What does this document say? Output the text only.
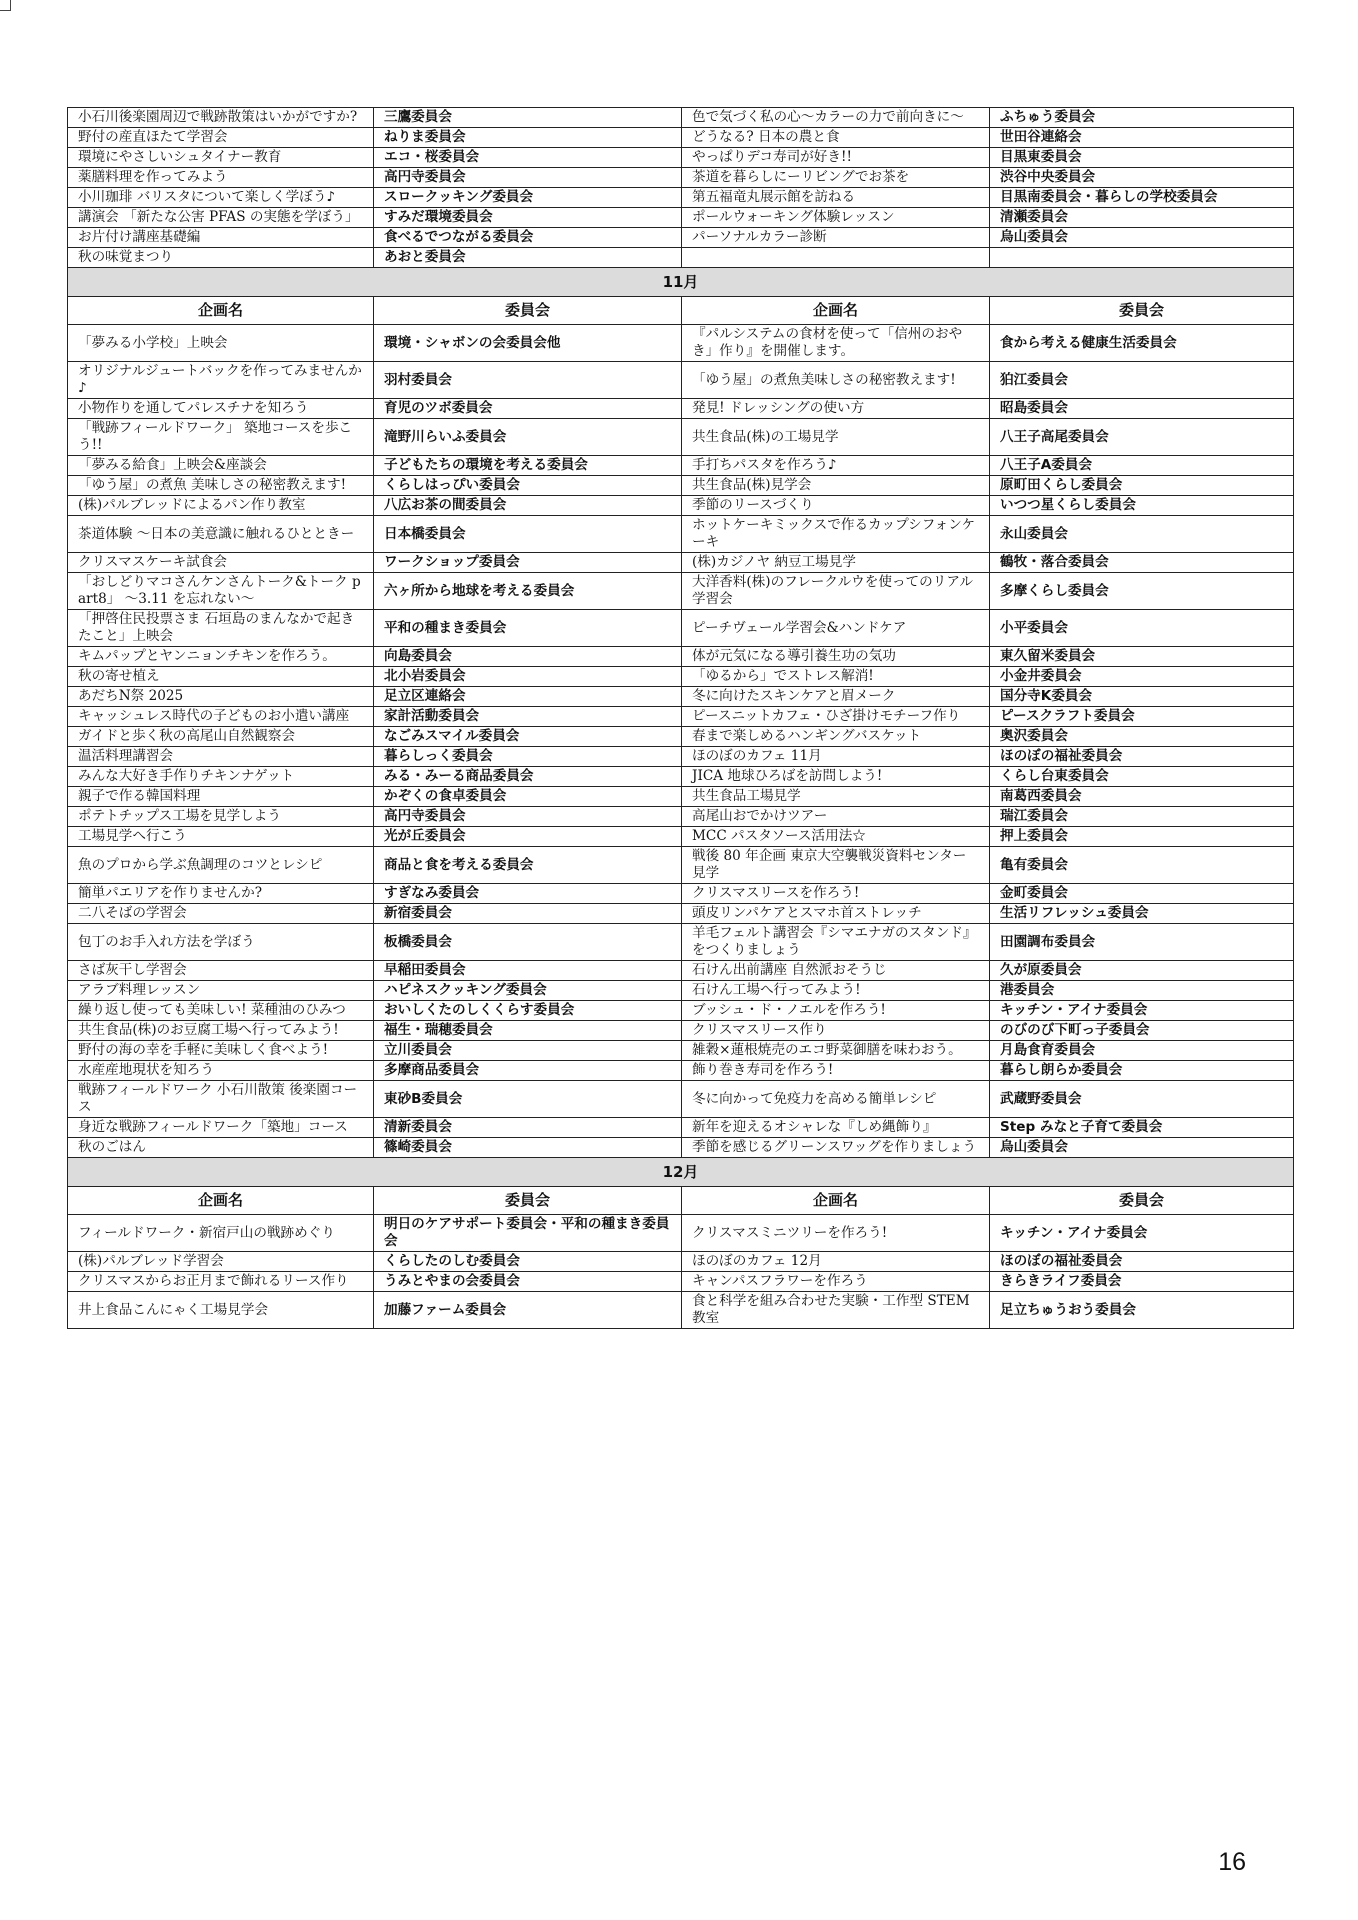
小石川後楽園周辺で戦跡散策はいかがですか?	三鷹委員会	色で気づく私の心〜カラーの力で前向きに〜	ふちゅう委員会
野付の産直ほたて学習会	ねりま委員会	どうなる? 日本の農と食	世田谷連絡会
環境にやさしいシュタイナー教育	エコ・桜委員会	やっぱりデコ寿司が好き!!	目黒東委員会
薬膳料理を作ってみよう	高円寺委員会	茶道を暮らしにーリビングでお茶を	渋谷中央委員会
小川珈琲 バリスタについて楽しく学ぼう♪	スロークッキング委員会	第五福竜丸展示館を訪ねる	目黒南委員会・暮らしの学校委員会
講演会 「新たな公害 PFAS の実態を学ぼう」	すみだ環境委員会	ポールウォーキング体験レッスン	清瀬委員会
お片付け講座基礎編	食べるでつながる委員会	パーソナルカラー診断	烏山委員会
秋の味覚まつり	あおと委員会		
11月			
企画名	委員会	企画名	委員会
「夢みる小学校」上映会	環境・シャボンの会委員会他	『パルシステムの食材を使って「信州のおやき」作り』を開催します。	食から考える健康生活委員会
オリジナルジュートバックを作ってみませんか♪	羽村委員会	「ゆう屋」の煮魚美味しさの秘密教えます!	狛江委員会
小物作りを通してパレスチナを知ろう	育児のツボ委員会	発見! ドレッシングの使い方	昭島委員会
「戦跡フィールドワーク」 築地コースを歩こう!!	滝野川らいふ委員会	共生食品(株)の工場見学	八王子高尾委員会
「夢みる給食」上映会&座談会	子どもたちの環境を考える委員会	手打ちパスタを作ろう♪	八王子A委員会
「ゆう屋」の煮魚 美味しさの秘密教えます!	くらしはっぴい委員会	共生食品(株)見学会	原町田くらし委員会
(株)パルブレッドによるパン作り教室	八広お茶の間委員会	季節のリースづくり	いつつ星くらし委員会
茶道体験 〜日本の美意識に触れるひとときー	日本橋委員会	ホットケーキミックスで作るカップシフォンケーキ	永山委員会
クリスマスケーキ試食会	ワークショップ委員会	(株)カジノヤ 納豆工場見学	鶴牧・落合委員会
「おしどりマコさんケンさんトーク&トーク part8」 〜3.11 を忘れない〜	六ヶ所から地球を考える委員会	大洋香料(株)のフレークルウを使ってのリアル学習会	多摩くらし委員会
「押啓住民投票さま 石垣島のまんなかで起きたこと」上映会	平和の種まき委員会	ピーチヴェール学習会&ハンドケア	小平委員会
キムパップとヤンニョンチキンを作ろう。	向島委員会	体が元気になる導引養生功の気功	東久留米委員会
秋の寄せ植え	北小岩委員会	「ゆるから」でストレス解消!	小金井委員会
あだちN祭 2025	足立区連絡会	冬に向けたスキンケアと眉メーク	国分寺K委員会
キャッシュレス時代の子どものお小遣い講座	家計活動委員会	ピースニットカフェ・ひざ掛けモチーフ作り	ピースクラフト委員会
ガイドと歩く秋の高尾山自然観察会	なごみスマイル委員会	春まで楽しめるハンギングバスケット	奥沢委員会
温活料理講習会	暮らしっく委員会	ほのぼのカフェ 11月	ほのぼの福祉委員会
みんな大好き手作りチキンナゲット	みる・みーる商品委員会	JICA 地球ひろばを訪問しよう!	くらし台東委員会
親子で作る韓国料理	かぞくの食卓委員会	共生食品工場見学	南葛西委員会
ポテトチップス工場を見学しよう	高円寺委員会	高尾山おでかけツアー	瑞江委員会
工場見学へ行こう	光が丘委員会	MCC パスタソース活用法☆	押上委員会
魚のプロから学ぶ魚調理のコツとレシピ	商品と食を考える委員会	戦後 80 年企画 東京大空襲戦災資料センター見学	亀有委員会
簡単パエリアを作りませんか?	すぎなみ委員会	クリスマスリースを作ろう!	金町委員会
二八そばの学習会	新宿委員会	頭皮リンパケアとスマホ首ストレッチ	生活リフレッシュ委員会
包丁のお手入れ方法を学ぼう	板橋委員会	羊毛フェルト講習会『シマエナガのスタンド』をつくりましょう	田園調布委員会
さば灰干し学習会	早稲田委員会	石けん出前講座 自然派おそうじ	久が原委員会
アラブ料理レッスン	ハピネスクッキング委員会	石けん工場へ行ってみよう!	港委員会
繰り返し使っても美味しい! 菜種油のひみつ	おいしくたのしくくらす委員会	ブッシュ・ド・ノエルを作ろう!	キッチン・アイナ委員会
共生食品(株)のお豆腐工場へ行ってみよう!	福生・瑞穂委員会	クリスマスリース作り	のびのび下町っ子委員会
野付の海の幸を手軽に美味しく食べよう!	立川委員会	雑穀×蓮根焼売のエコ野菜御膳を味わおう。	月島食育委員会
水産産地現状を知ろう	多摩商品委員会	飾り巻き寿司を作ろう!	暮らし朗らか委員会
戦跡フィールドワーク 小石川散策 後楽園コース	東砂B委員会	冬に向かって免疫力を高める簡単レシピ	武蔵野委員会
身近な戦跡フィールドワーク「築地」コース	清新委員会	新年を迎えるオシャレな『しめ縄飾り』	Step みなと子育て委員会
秋のごはん	篠崎委員会	季節を感じるグリーンスワッグを作りましょう	烏山委員会
12月			
企画名	委員会	企画名	委員会
フィールドワーク・新宿戸山の戦跡めぐり	明日のケアサポート委員会・平和の種まき委員会	クリスマスミニツリーを作ろう!	キッチン・アイナ委員会
(株)パルブレッド学習会	くらしたのしむ委員会	ほのぼのカフェ 12月	ほのぼの福祉委員会
クリスマスからお正月まで飾れるリース作り	うみとやまの会委員会	キャンパスフラワーを作ろう	きらきライフ委員会
井上食品こんにゃく工場見学会	加藤ファーム委員会	食と科学を組み合わせた実験・工作型 STEM 教室	足立ちゅうおう委員会
16
